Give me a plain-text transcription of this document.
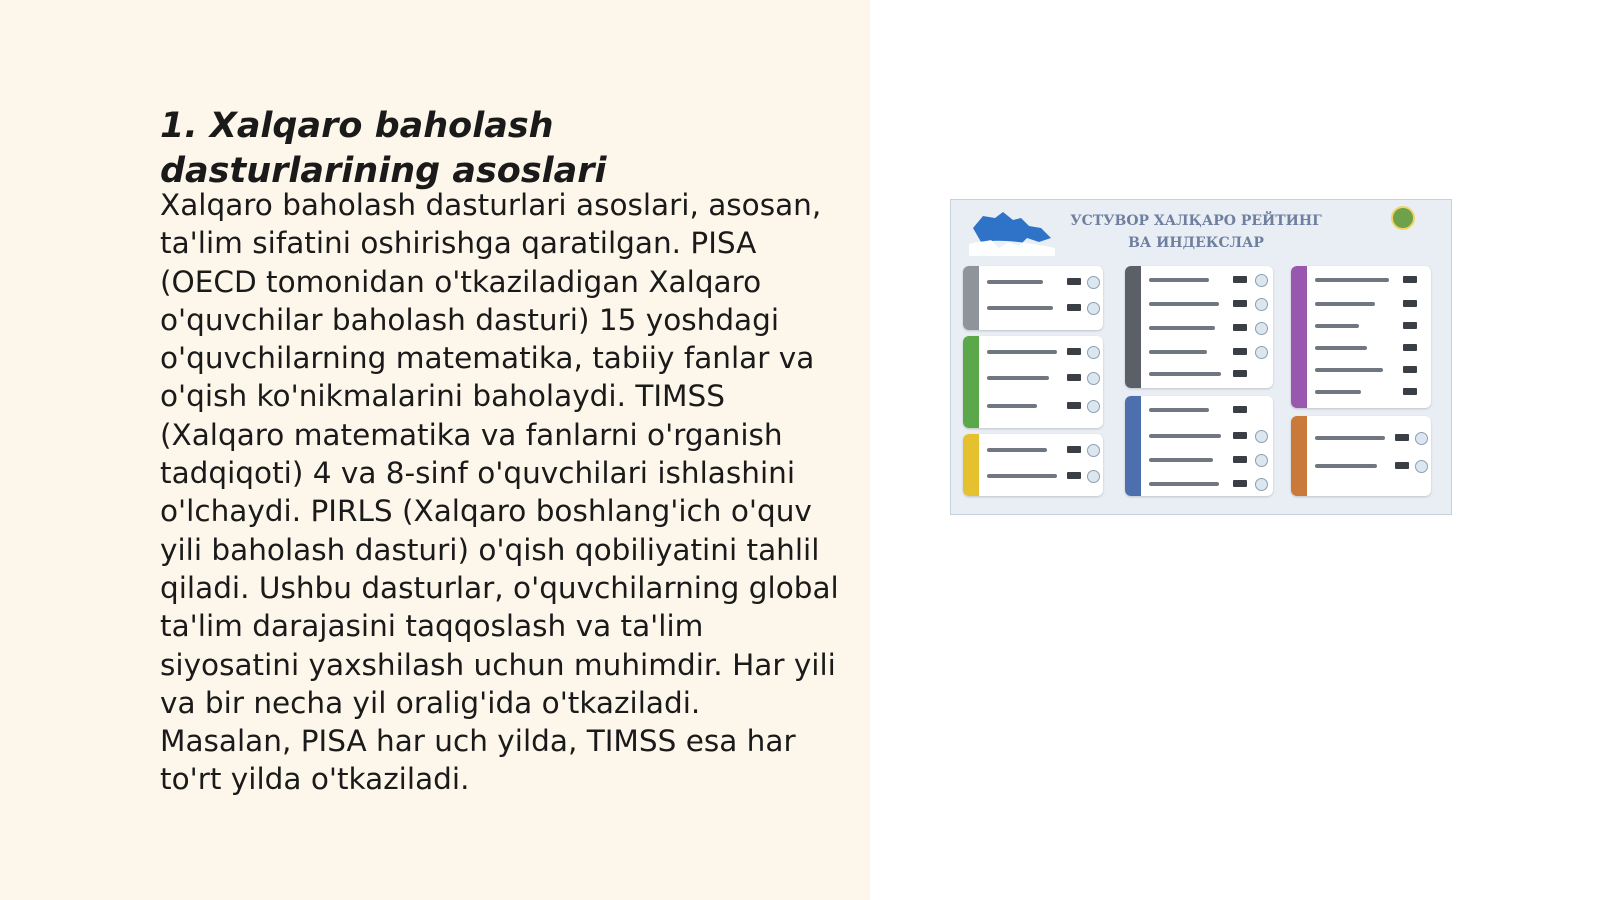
1. Xalqaro baholash dasturlarining asoslari

Xalqaro baholash dasturlari asoslari, asosan, ta'lim sifatini oshirishga qaratilgan. PISA (OECD tomonidan o'tkaziladigan Xalqaro o'quvchilar baholash dasturi) 15 yoshdagi o'quvchilarning matematika, tabiiy fanlar va o'qish ko'nikmalarini baholaydi. TIMSS (Xalqaro matematika va fanlarni o'rganish tadqiqoti) 4 va 8-sinf o'quvchilari ishlashini o'lchaydi. PIRLS (Xalqaro boshlang'ich o'quv yili baholash dasturi) o'qish qobiliyatini tahlil qiladi. Ushbu dasturlar, o'quvchilarning global ta'lim darajasini taqqoslash va ta'lim siyosatini yaxshilash uchun muhimdir. Har yili va bir necha yil oralig'ida o'tkaziladi. Masalan, PISA har uch yilda, TIMSS esa har to'rt yilda o'tkaziladi.

УСТУВОР ХАЛҚАРО РЕЙТИНГ
ВА ИНДЕКСЛАР
